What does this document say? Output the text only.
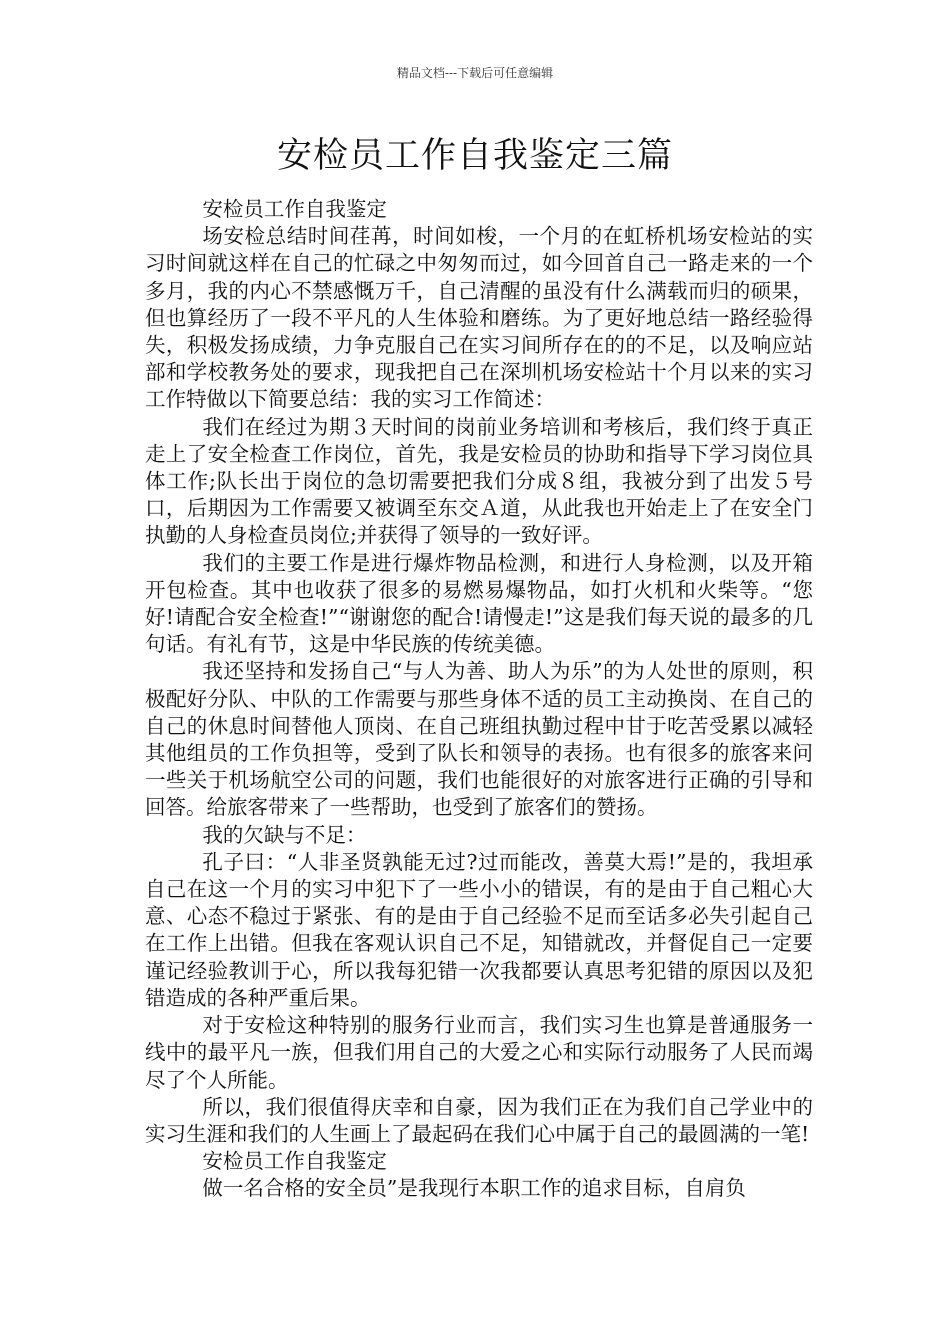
精品文档---下载后可任意编辑
安检员工作自我鉴定三篇

安检员工作自我鉴定

场安检总结时间荏苒，时间如梭，一个月的在虹桥机场安检站的实习时间就这样在自己的忙碌之中匆匆而过，如今回首自己一路走来的一个多月，我的内心不禁感慨万千，自己清醒的虽没有什么满载而归的硕果，但也算经历了一段不平凡的人生体验和磨练。为了更好地总结一路经验得失，积极发扬成绩，力争克服自己在实习间所存在的的不足，以及响应站部和学校教务处的要求，现我把自己在深圳机场安检站十个月以来的实习工作特做以下简要总结：我的实习工作简述：

我们在经过为期３天时间的岗前业务培训和考核后，我们终于真正走上了安全检查工作岗位，首先，我是安检员的协助和指导下学习岗位具体工作;队长出于岗位的急切需要把我们分成８组，我被分到了出发５号口，后期因为工作需要又被调至东交Ａ道，从此我也开始走上了在安全门执勤的人身检查员岗位;并获得了领导的一致好评。

我们的主要工作是进行爆炸物品检测，和进行人身检测，以及开箱开包检查。其中也收获了很多的易燃易爆物品，如打火机和火柴等。“您好!请配合安全检查!”“谢谢您的配合!请慢走!”这是我们每天说的最多的几句话。有礼有节，这是中华民族的传统美德。

我还坚持和发扬自己“与人为善、助人为乐”的为人处世的原则，积极配好分队、中队的工作需要与那些身体不适的员工主动换岗、在自己的自己的休息时间替他人顶岗、在自己班组执勤过程中甘于吃苦受累以减轻其他组员的工作负担等，受到了队长和领导的表扬。也有很多的旅客来问一些关于机场航空公司的问题，我们也能很好的对旅客进行正确的引导和回答。给旅客带来了一些帮助，也受到了旅客们的赞扬。

我的欠缺与不足：

孔子曰：“人非圣贤孰能无过?过而能改，善莫大焉!”是的，我坦承自己在这一个月的实习中犯下了一些小小的错误，有的是由于自己粗心大意、心态不稳过于紧张、有的是由于自己经验不足而至话多必失引起自己在工作上出错。但我在客观认识自己不足，知错就改，并督促自己一定要谨记经验教训于心，所以我每犯错一次我都要认真思考犯错的原因以及犯错造成的各种严重后果。

对于安检这种特别的服务行业而言，我们实习生也算是普通服务一线中的最平凡一族，但我们用自己的大爱之心和实际行动服务了人民而竭尽了个人所能。

所以，我们很值得庆幸和自豪，因为我们正在为我们自己学业中的实习生涯和我们的人生画上了最起码在我们心中属于自己的最圆满的一笔!

安检员工作自我鉴定

做一名合格的安全员”是我现行本职工作的追求目标，自肩负
